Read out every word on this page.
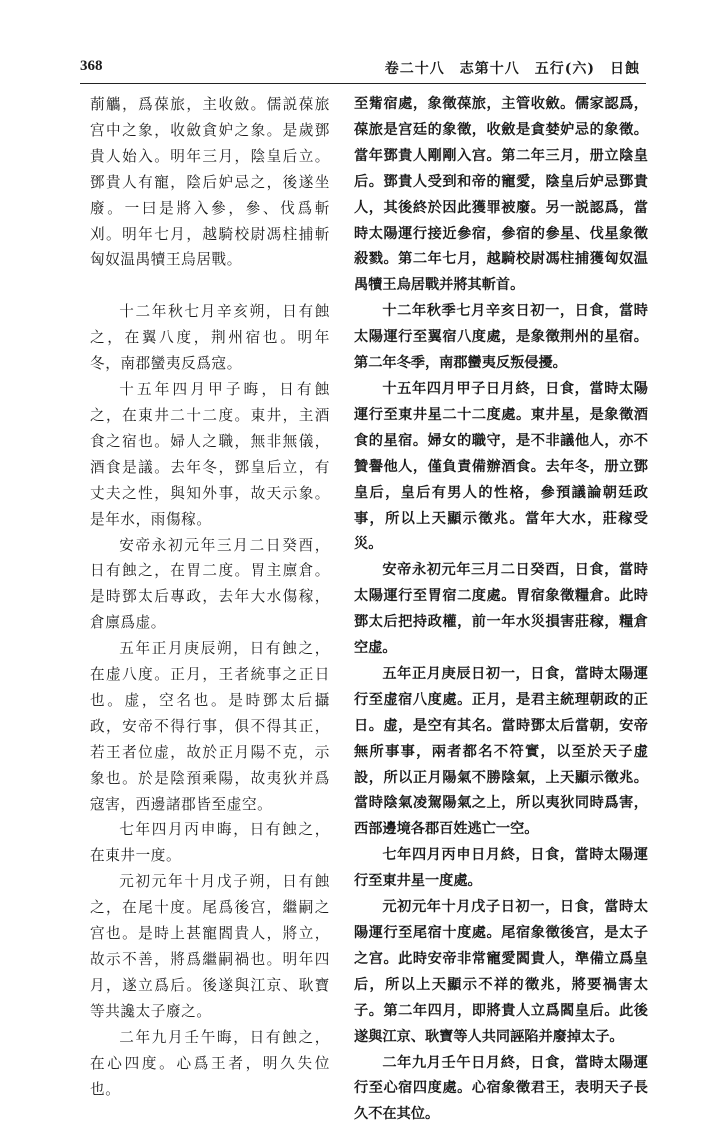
368	卷二十八　志第十八　五行(六)　日蝕

萷觿，爲葆旅，主收斂。儒説葆旅宫中之象，收斂貪妒之象。是歲鄧貴人始入。明年三月，陰皇后立。鄧貴人有寵，陰后妒忌之，後遂坐廢。一曰是將入參，參、伐爲斬刈。明年七月，越騎校尉馮柱捕斬匈奴温禺犢王烏居戰。

十二年秋七月辛亥朔，日有蝕之，在翼八度，荆州宿也。明年冬，南郡蠻夷反爲寇。

十五年四月甲子晦，日有蝕之，在東井二十二度。東井，主酒食之宿也。婦人之職，無非無儀，酒食是議。去年冬，鄧皇后立，有丈夫之性，與知外事，故天示象。是年水，雨傷稼。

安帝永初元年三月二日癸酉，日有蝕之，在胃二度。胃主廪倉。是時鄧太后專政，去年大水傷稼，倉廪爲虚。

五年正月庚辰朔，日有蝕之，在虚八度。正月，王者統事之正日也。虚，空名也。是時鄧太后攝政，安帝不得行事，俱不得其正，若王者位虚，故於正月陽不克，示象也。於是陰預乘陽，故夷狄并爲寇害，西邊諸郡皆至虚空。

七年四月丙申晦，日有蝕之，在東井一度。

元初元年十月戊子朔，日有蝕之，在尾十度。尾爲後宫，繼嗣之宫也。是時上甚寵閻貴人，將立，故示不善，將爲繼嗣禍也。明年四月，遂立爲后。後遂與江京、耿寶等共讒太子廢之。

二年九月壬午晦，日有蝕之，在心四度。心爲王者，明久失位也。

至觜宿處，象徵葆旅，主管收斂。儒家認爲，葆旅是宫廷的象徵，收斂是貪婪妒忌的象徵。當年鄧貴人剛剛入宫。第二年三月，册立陰皇后。鄧貴人受到和帝的寵愛，陰皇后妒忌鄧貴人，其後終於因此獲罪被廢。另一説認爲，當時太陽運行接近參宿，參宿的參星、伐星象徵殺戮。第二年七月，越騎校尉馮柱捕獲匈奴温禺犢王烏居戰并將其斬首。

十二年秋季七月辛亥日初一，日食，當時太陽運行至翼宿八度處，是象徵荆州的星宿。第二年冬季，南郡蠻夷反叛侵擾。

十五年四月甲子日月終，日食，當時太陽運行至東井星二十二度處。東井星，是象徵酒食的星宿。婦女的職守，是不非議他人，亦不贊譽他人，僅負責備辦酒食。去年冬，册立鄧皇后，皇后有男人的性格，參預議論朝廷政事，所以上天顯示徵兆。當年大水，莊稼受災。

安帝永初元年三月二日癸酉，日食，當時太陽運行至胃宿二度處。胃宿象徵糧倉。此時鄧太后把持政權，前一年水災損害莊稼，糧倉空虚。

五年正月庚辰日初一，日食，當時太陽運行至虚宿八度處。正月，是君主統理朝政的正日。虚，是空有其名。當時鄧太后當朝，安帝無所事事，兩者都名不符實，以至於天子虚設，所以正月陽氣不勝陰氣，上天顯示徵兆。當時陰氣凌駕陽氣之上，所以夷狄同時爲害，西部邊境各郡百姓逃亡一空。

七年四月丙申日月終，日食，當時太陽運行至東井星一度處。

元初元年十月戊子日初一，日食，當時太陽運行至尾宿十度處。尾宿象徵後宫，是太子之宫。此時安帝非常寵愛閻貴人，準備立爲皇后，所以上天顯示不祥的徵兆，將要禍害太子。第二年四月，即將貴人立爲閻皇后。此後遂與江京、耿寶等人共同誣陷并廢掉太子。

二年九月壬午日月終，日食，當時太陽運行至心宿四度處。心宿象徵君王，表明天子長久不在其位。
